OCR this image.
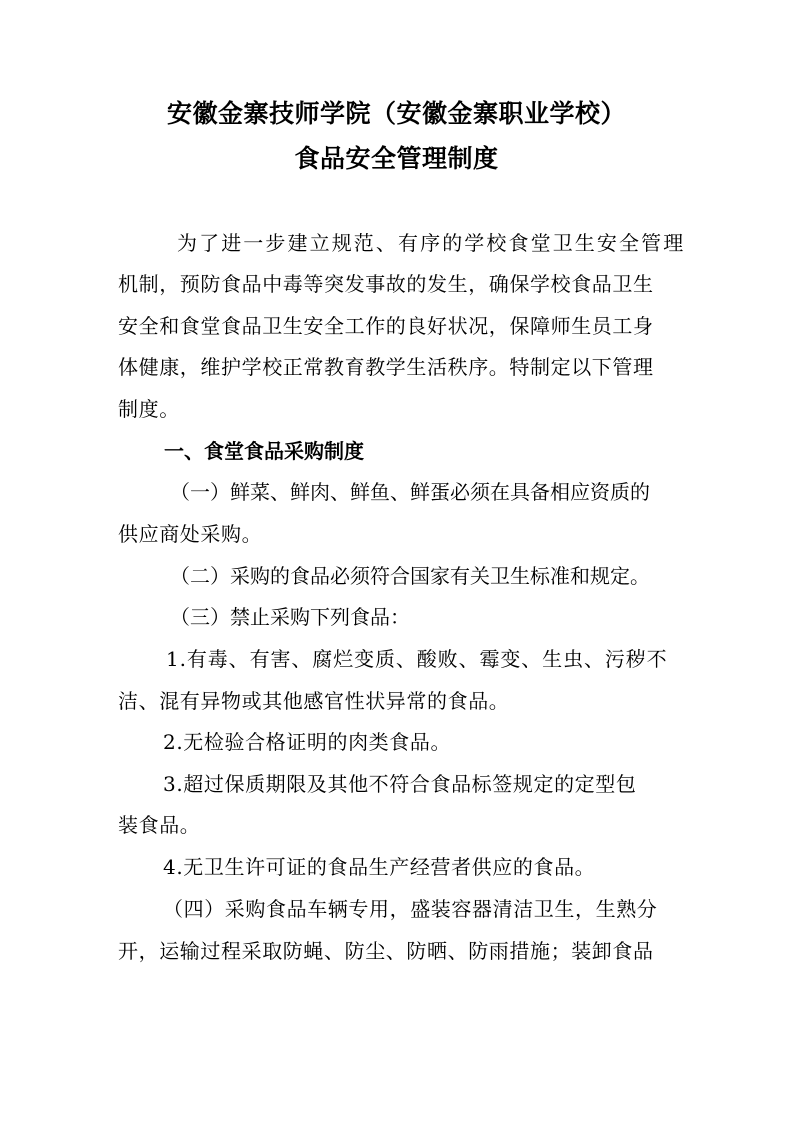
安徽金寨技师学院（安徽金寨职业学校）
食品安全管理制度
为了进一步建立规范、有序的学校食堂卫生安全管理
机制，预防食品中毒等突发事故的发生，确保学校食品卫生
安全和食堂食品卫生安全工作的良好状况，保障师生员工身
体健康，维护学校正常教育教学生活秩序。特制定以下管理
制度。
一、食堂食品采购制度
（一）鲜菜、鲜肉、鲜鱼、鲜蛋必须在具备相应资质的
供应商处采购。
（二）采购的食品必须符合国家有关卫生标准和规定。
（三）禁止采购下列食品：
1.有毒、有害、腐烂变质、酸败、霉变、生虫、污秽不
洁、混有异物或其他感官性状异常的食品。
2.无检验合格证明的肉类食品。
3.超过保质期限及其他不符合食品标签规定的定型包
装食品。
4.无卫生许可证的食品生产经营者供应的食品。
（四）采购食品车辆专用，盛装容器清洁卫生，生熟分
开，运输过程采取防蝇、防尘、防晒、防雨措施；装卸食品
